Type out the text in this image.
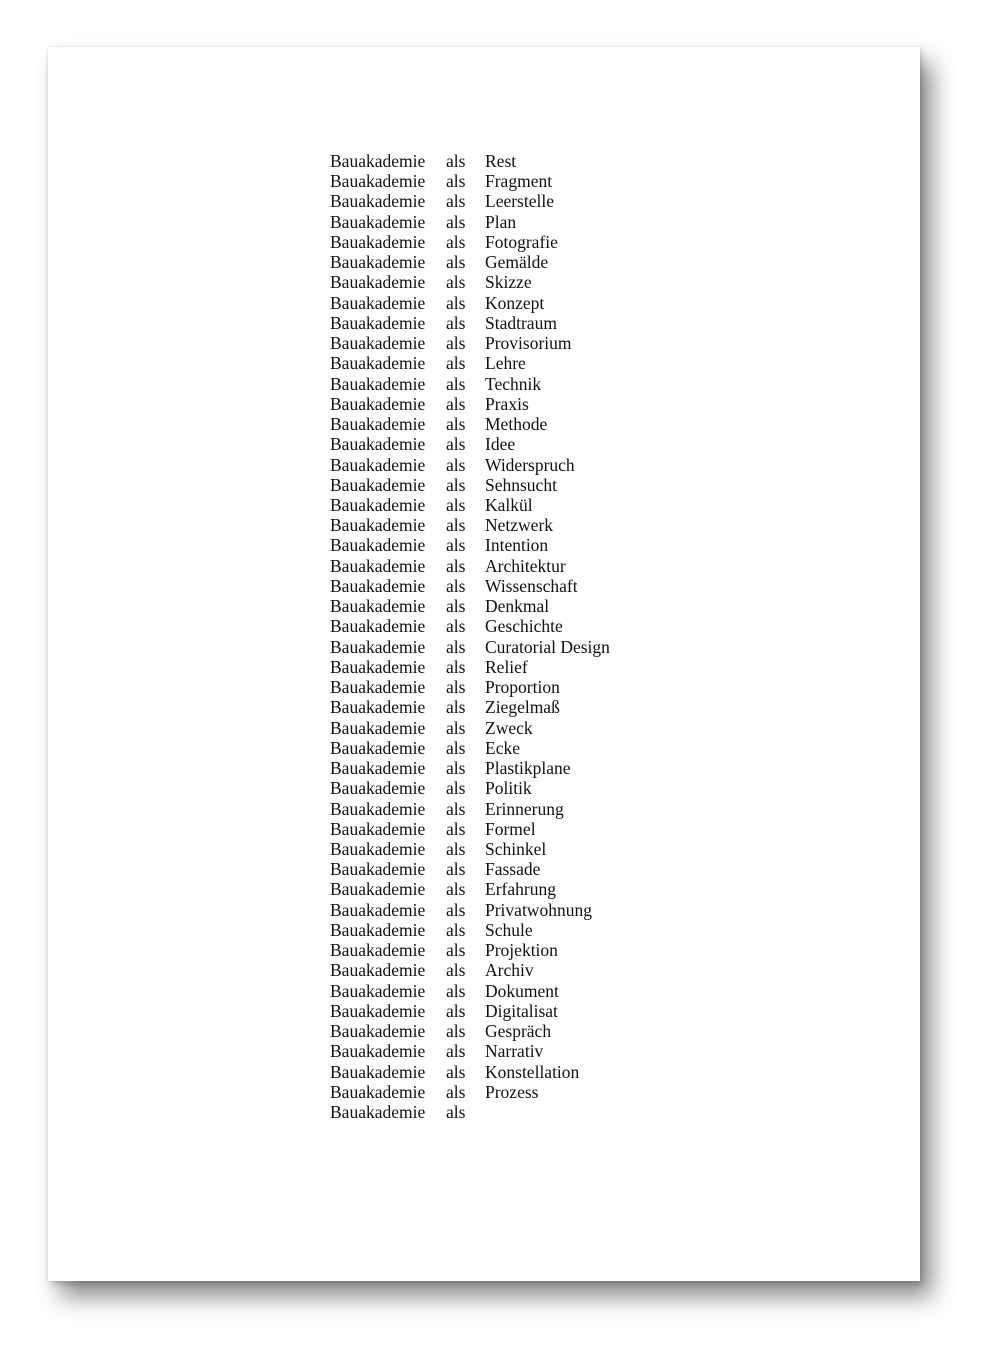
Bauakademie als Rest
Bauakademie als Fragment
Bauakademie als Leerstelle
Bauakademie als Plan
Bauakademie als Fotografie
Bauakademie als Gemälde
Bauakademie als Skizze
Bauakademie als Konzept
Bauakademie als Stadtraum
Bauakademie als Provisorium
Bauakademie als Lehre
Bauakademie als Technik
Bauakademie als Praxis
Bauakademie als Methode
Bauakademie als Idee
Bauakademie als Widerspruch
Bauakademie als Sehnsucht
Bauakademie als Kalkül
Bauakademie als Netzwerk
Bauakademie als Intention
Bauakademie als Architektur
Bauakademie als Wissenschaft
Bauakademie als Denkmal
Bauakademie als Geschichte
Bauakademie als Curatorial Design
Bauakademie als Relief
Bauakademie als Proportion
Bauakademie als Ziegelmaß
Bauakademie als Zweck
Bauakademie als Ecke
Bauakademie als Plastikplane
Bauakademie als Politik
Bauakademie als Erinnerung
Bauakademie als Formel
Bauakademie als Schinkel
Bauakademie als Fassade
Bauakademie als Erfahrung
Bauakademie als Privatwohnung
Bauakademie als Schule
Bauakademie als Projektion
Bauakademie als Archiv
Bauakademie als Dokument
Bauakademie als Digitalisat
Bauakademie als Gespräch
Bauakademie als Narrativ
Bauakademie als Konstellation
Bauakademie als Prozess
Bauakademie als
